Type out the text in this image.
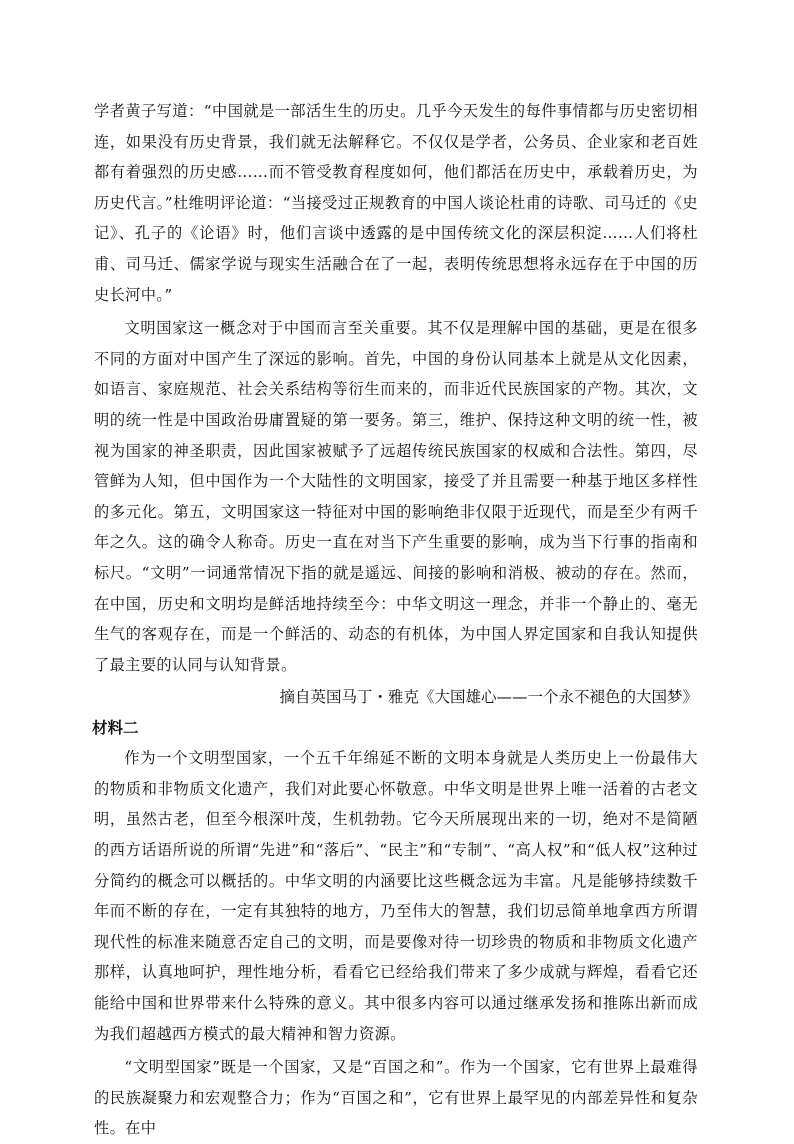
学者黄子写道：“中国就是一部活生生的历史。几乎今天发生的每件事情都与历史密切相连，如果没有历史背景，我们就无法解释它。不仅仅是学者，公务员、企业家和老百姓都有着强烈的历史感……而不管受教育程度如何，他们都活在历史中，承载着历史，为历史代言。”杜维明评论道：“当接受过正规教育的中国人谈论杜甫的诗歌、司马迁的《史记》、孔子的《论语》时，他们言谈中透露的是中国传统文化的深层积淀……人们将杜甫、司马迁、儒家学说与现实生活融合在了一起，表明传统思想将永远存在于中国的历史长河中。”

文明国家这一概念对于中国而言至关重要。其不仅是理解中国的基础，更是在很多不同的方面对中国产生了深远的影响。首先，中国的身份认同基本上就是从文化因素，如语言、家庭规范、社会关系结构等衍生而来的，而非近代民族国家的产物。其次，文明的统一性是中国政治毋庸置疑的第一要务。第三，维护、保持这种文明的统一性，被视为国家的神圣职责，因此国家被赋予了远超传统民族国家的权威和合法性。第四，尽管鲜为人知，但中国作为一个大陆性的文明国家，接受了并且需要一种基于地区多样性的多元化。第五，文明国家这一特征对中国的影响绝非仅限于近现代，而是至少有两千年之久。这的确令人称奇。历史一直在对当下产生重要的影响，成为当下行事的指南和标尺。“文明”一词通常情况下指的就是遥远、间接的影响和消极、被动的存在。然而，在中国，历史和文明均是鲜活地持续至今：中华文明这一理念，并非一个静止的、毫无生气的客观存在，而是一个鲜活的、动态的有机体，为中国人界定国家和自我认知提供了最主要的认同与认知背景。

摘自英国马丁・雅克《大国雄心——一个永不褪色的大国梦》
材料二

作为一个文明型国家，一个五千年绵延不断的文明本身就是人类历史上一份最伟大的物质和非物质文化遗产，我们对此要心怀敬意。中华文明是世界上唯一活着的古老文明，虽然古老，但至今根深叶茂，生机勃勃。它今天所展现出来的一切，绝对不是简陋的西方话语所说的所谓“先进”和“落后”、“民主”和“专制”、“高人权”和“低人权”这种过分简约的概念可以概括的。中华文明的内涵要比这些概念远为丰富。凡是能够持续数千年而不断的存在，一定有其独特的地方，乃至伟大的智慧，我们切忌简单地拿西方所谓现代性的标准来随意否定自己的文明，而是要像对待一切珍贵的物质和非物质文化遗产那样，认真地呵护，理性地分析，看看它已经给我们带来了多少成就与辉煌，看看它还能给中国和世界带来什么特殊的意义。其中很多内容可以通过继承发扬和推陈出新而成为我们超越西方模式的最大精神和智力资源。

“文明型国家”既是一个国家，又是“百国之和”。作为一个国家，它有世界上最难得的民族凝聚力和宏观整合力；作为“百国之和”，它有世界上最罕见的内部差异性和复杂性。在中
